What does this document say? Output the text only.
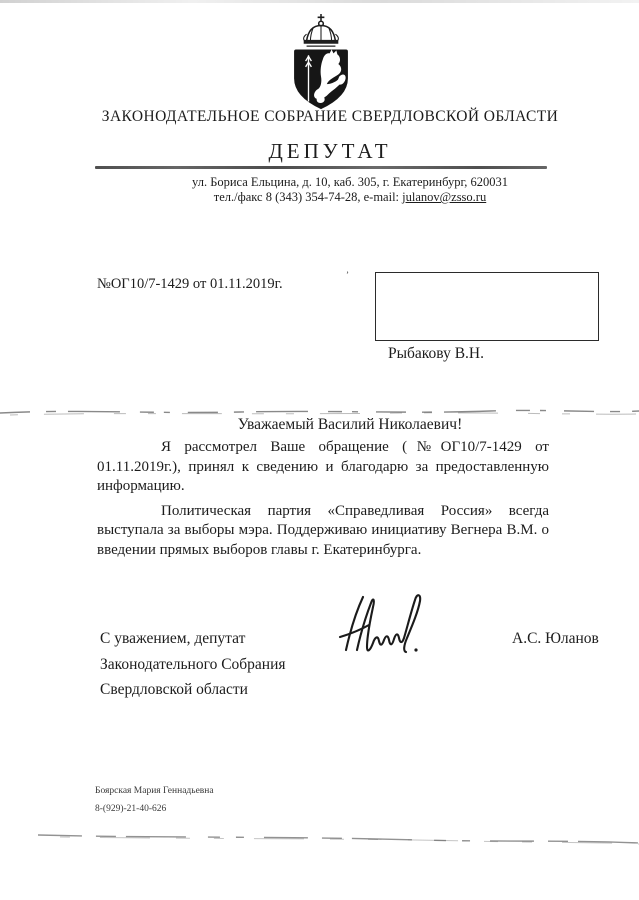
ЗАКОНОДАТЕЛЬНОЕ СОБРАНИЕ СВЕРДЛОВСКОЙ ОБЛАСТИ
ДЕПУТАТ
ул. Бориса Ельцина, д. 10, каб. 305, г. Екатеринбург, 620031
тел./факс 8 (343) 354-74-28, e-mail: julanov@zsso.ru
№ОГ10/7-1429 от 01.11.2019г.
’
Рыбакову В.Н.
Уважаемый Василий Николаевич!

Я рассмотрел Ваше обращение (№ОГ10/7-1429 от 01.11.2019г.), принял к сведению и благодарю за предоставленную информацию.

Политическая партия «Справедливая Россия» всегда выступала за выборы мэра. Поддерживаю инициативу Вегнера В.М. о введении прямых выборов главы г. Екатеринбурга.

С уважением, депутат
Законодательного Собрания
Свердловской области
А.С. Юланов
Боярская Мария Геннадьевна
8-(929)-21-40-626
